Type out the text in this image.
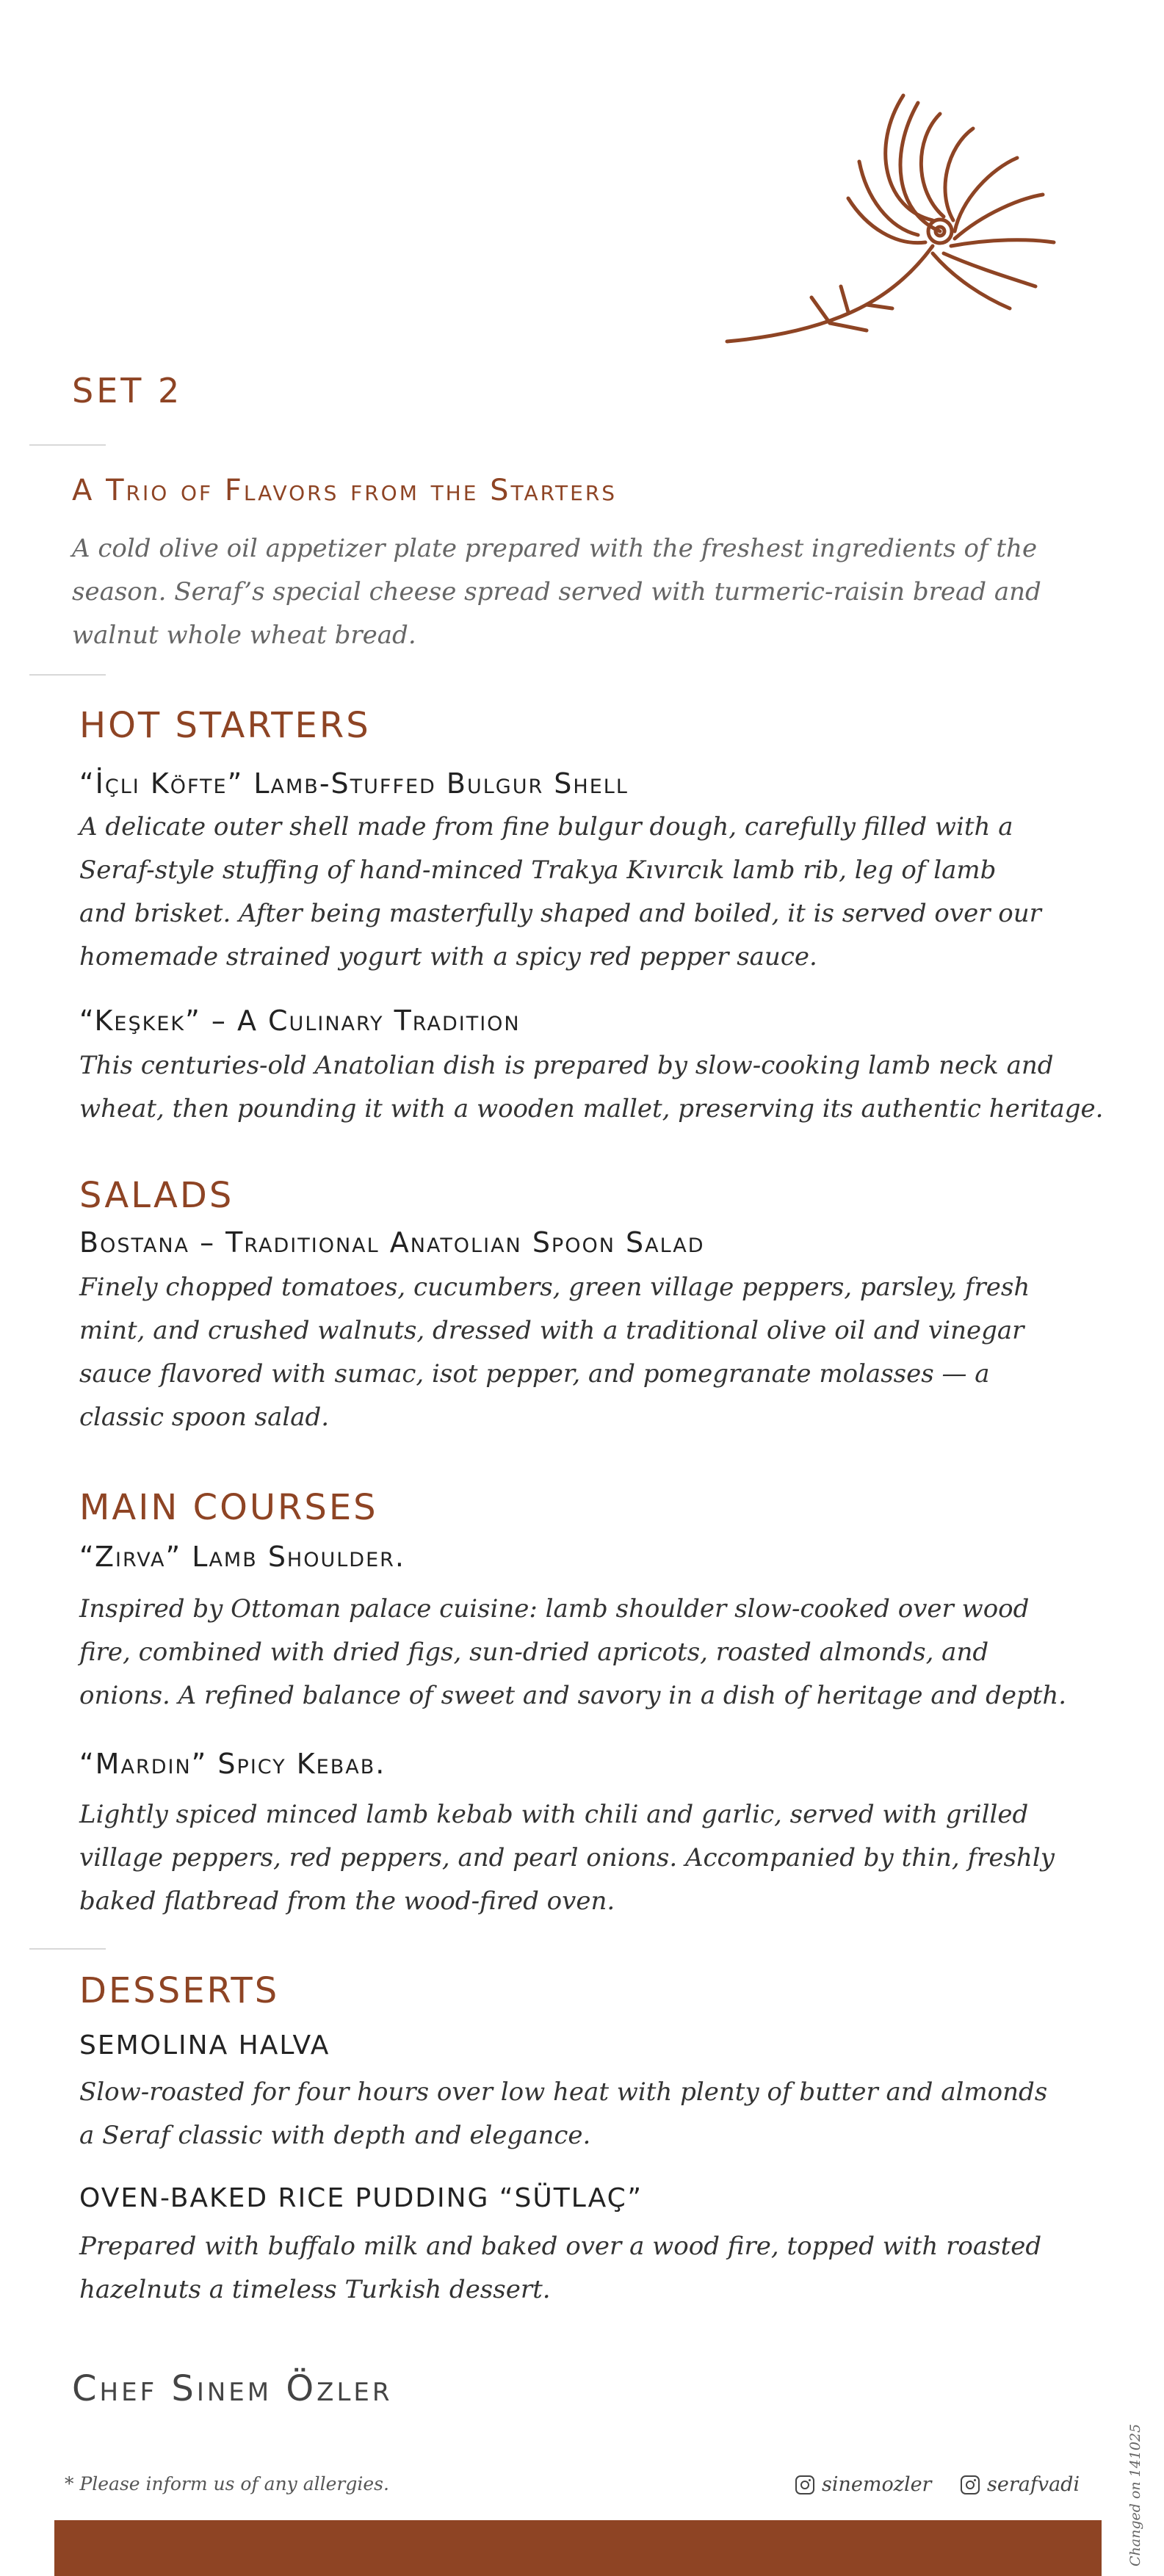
SET 2
A Trio of Flavors from the Starters

A cold olive oil appetizer plate prepared with the freshest ingredients of the

season. Seraf’s special cheese spread served with turmeric-raisin bread and

walnut whole wheat bread.

HOT STARTERS
“İçli Köfte” Lamb-Stuffed Bulgur Shell

A delicate outer shell made from fine bulgur dough, carefully filled with a

Seraf-style stuffing of hand-minced Trakya Kıvırcık lamb rib, leg of lamb

and brisket. After being masterfully shaped and boiled, it is served over our

homemade strained yogurt with a spicy red pepper sauce.

“Keşkek” – A Culinary Tradition

This centuries-old Anatolian dish is prepared by slow-cooking lamb neck and

wheat, then pounding it with a wooden mallet, preserving its authentic heritage.

SALADS
Bostana – Traditional Anatolian Spoon Salad

Finely chopped tomatoes, cucumbers, green village peppers, parsley, fresh

mint, and crushed walnuts, dressed with a traditional olive oil and vinegar

sauce flavored with sumac, isot pepper, and pomegranate molasses — a

classic spoon salad.

MAIN COURSES
“Zirva” Lamb Shoulder.

Inspired by Ottoman palace cuisine: lamb shoulder slow-cooked over wood

fire, combined with dried figs, sun-dried apricots, roasted almonds, and

onions. A refined balance of sweet and savory in a dish of heritage and depth.

“Mardin” Spicy Kebab.

Lightly spiced minced lamb kebab with chili and garlic, served with grilled

village peppers, red peppers, and pearl onions. Accompanied by thin, freshly

baked flatbread from the wood-fired oven.

DESSERTS
SEMOLINA HALVA

Slow-roasted for four hours over low heat with plenty of butter and almonds

a Seraf classic with depth and elegance.

OVEN-BAKED RICE PUDDING “SÜTLAÇ”

Prepared with buffalo milk and baked over a wood fire, topped with roasted

hazelnuts a timeless Turkish dessert.

Chef Sinem Özler
* Please inform us of any allergies.	sinemozler	serafvadi	Changed on 141025
